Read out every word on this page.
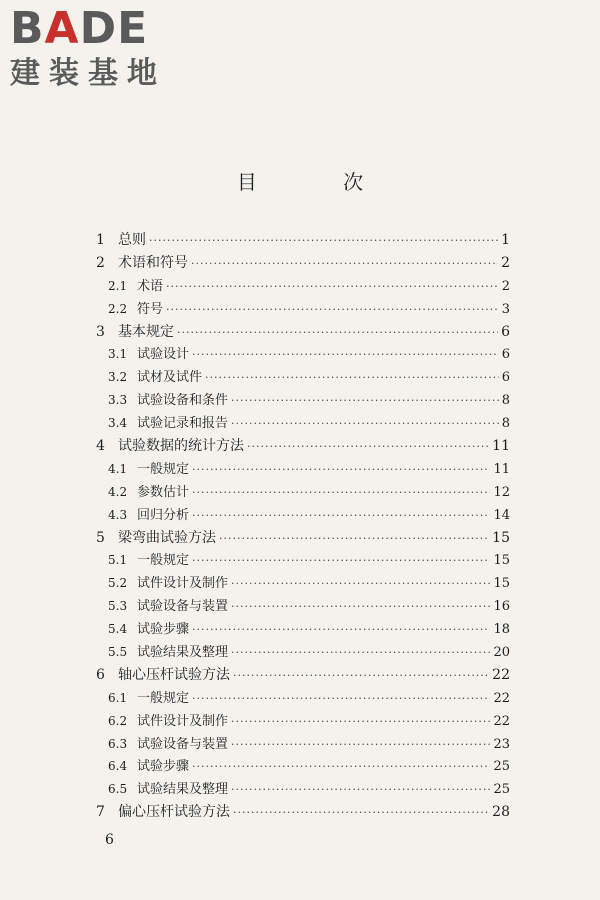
BADE
建装基地
目 次
1 总则 ·····	1
2 术语和符号 ·····	2
2.1 术语 ·····	2
2.2 符号 ·····	3
3 基本规定 ·····	6
3.1 试验设计 ·····	6
3.2 试材及试件 ·····	6
3.3 试验设备和条件 ·····	8
3.4 试验记录和报告 ·····	8
4 试验数据的统计方法 ·····	11
4.1 一般规定 ·····	11
4.2 参数估计 ·····	12
4.3 回归分析 ·····	14
5 梁弯曲试验方法 ·····	15
5.1 一般规定 ·····	15
5.2 试件设计及制作 ·····	15
5.3 试验设备与装置 ·····	16
5.4 试验步骤 ·····	18
5.5 试验结果及整理 ·····	20
6 轴心压杆试验方法 ·····	22
6.1 一般规定 ·····	22
6.2 试件设计及制作 ·····	22
6.3 试验设备与装置 ·····	23
6.4 试验步骤 ·····	25
6.5 试验结果及整理 ·····	25
7 偏心压杆试验方法 ·····	28
6
